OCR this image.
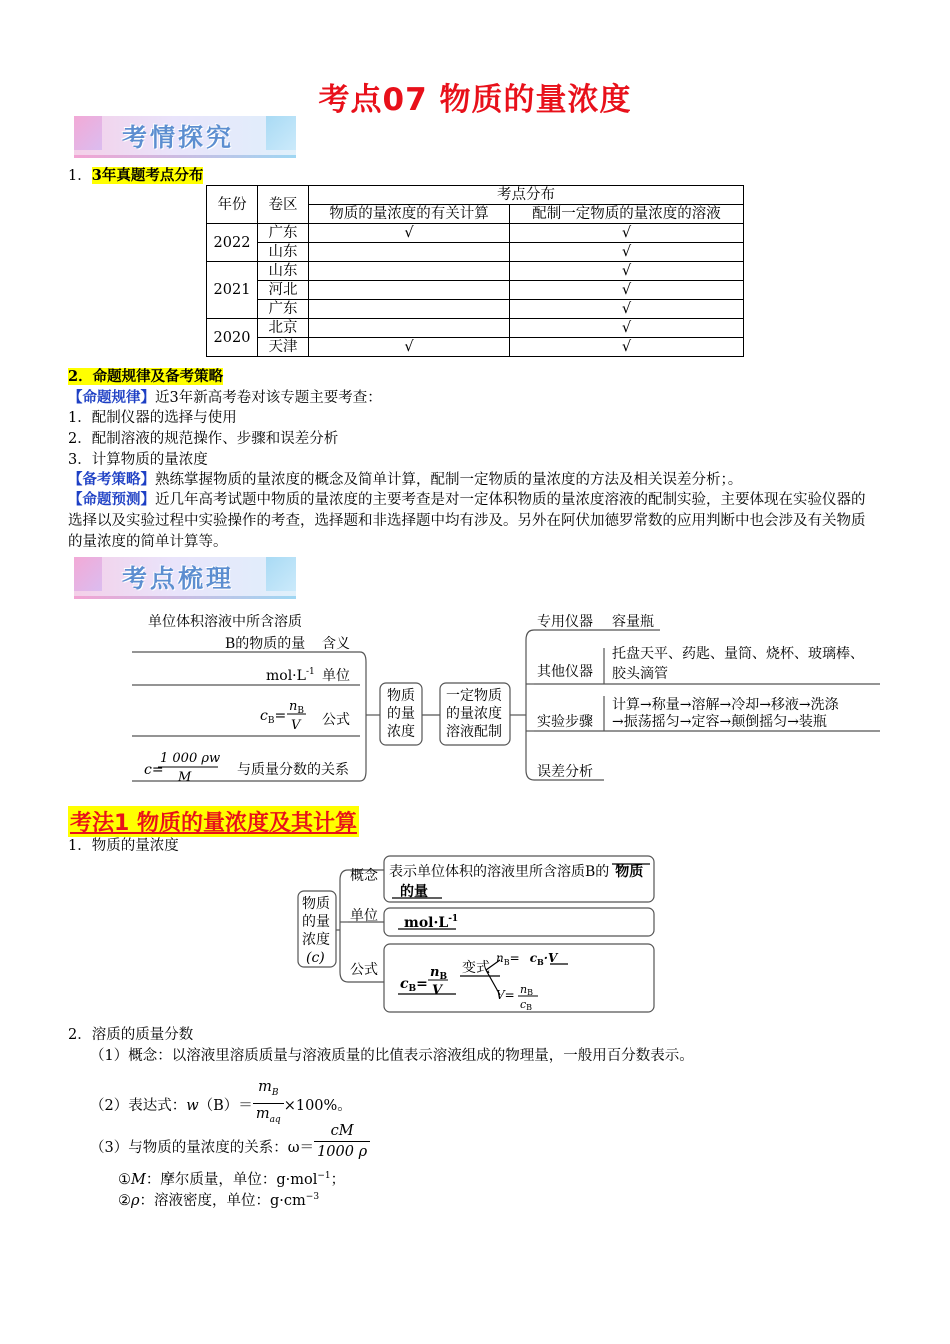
考点07 物质的量浓度
考情探究
1．3年真题考点分布
年份	卷区	考点分布	
		物质的量浓度的有关计算	配制一定物质的量浓度的溶液
2022	广东	√	√
	山东		√
2021	山东		√
	河北		√
	广东		√
2020	北京		√
	天津	√	√
2．命题规律及备考策略
【命题规律】近3年新高考卷对该专题主要考查：
1．配制仪器的选择与使用
2．配制溶液的规范操作、步骤和误差分析
3．计算物质的量浓度
【备考策略】熟练掌握物质的量浓度的概念及简单计算，配制一定物质的量浓度的方法及相关误差分析；。
【命题预测】近几年高考试题中物质的量浓度的主要考查是对一定体积物质的量浓度溶液的配制实验，主要体现在实验仪器的选择以及实验过程中实验操作的考查，选择题和非选择题中均有涉及。另外在阿伏加德罗常数的应用判断中也会涉及有关物质的量浓度的简单计算等。
考点梳理
单位体积溶液中所含溶质
B的物质的量 含义
$mol\cdot L^{-1}$ 单位
$c_B=$
$n_B$
V 公式
c=
1 000 ρw
M	与质量分数的关系
物质
的量
浓度
一定物质
的量浓度
溶液配制
专用仪器 容量瓶
其他仪器
托盘天平、药匙、量筒、烧杯、玻璃棒、
胶头滴管
实验步骤
计算→称量→溶解→冷却→移液→洗涤
→振荡摇匀→定容→颠倒摇匀→装瓶
误差分析
考法1 物质的量浓度及其计算
1．物质的量浓度
物质
的量
浓度
(c)
概念
单位
公式
表示单位体积的溶液里所含溶质B的 物质
的量
$mol\cdot L^{-1}$
$c_B=$
$n_B$
V
变式
$n_B= c_B\cdot V$
V= nB
cB
2．溶质的质量分数
（1）概念：以溶液里溶质质量与溶液质量的比值表示溶液组成的物理量，一般用百分数表示。
（2）表达式：$w(B)= \frac{m_B}{m_{aq}} \times 100\%$。
（3）与物质的量浓度的关系：$\omega= \frac{cM}{1000 \rho}$
①M：摩尔质量，单位：g·mol$^{-1}$；
②ρ：溶液密度，单位：$g\cdot cm^{-3}$
